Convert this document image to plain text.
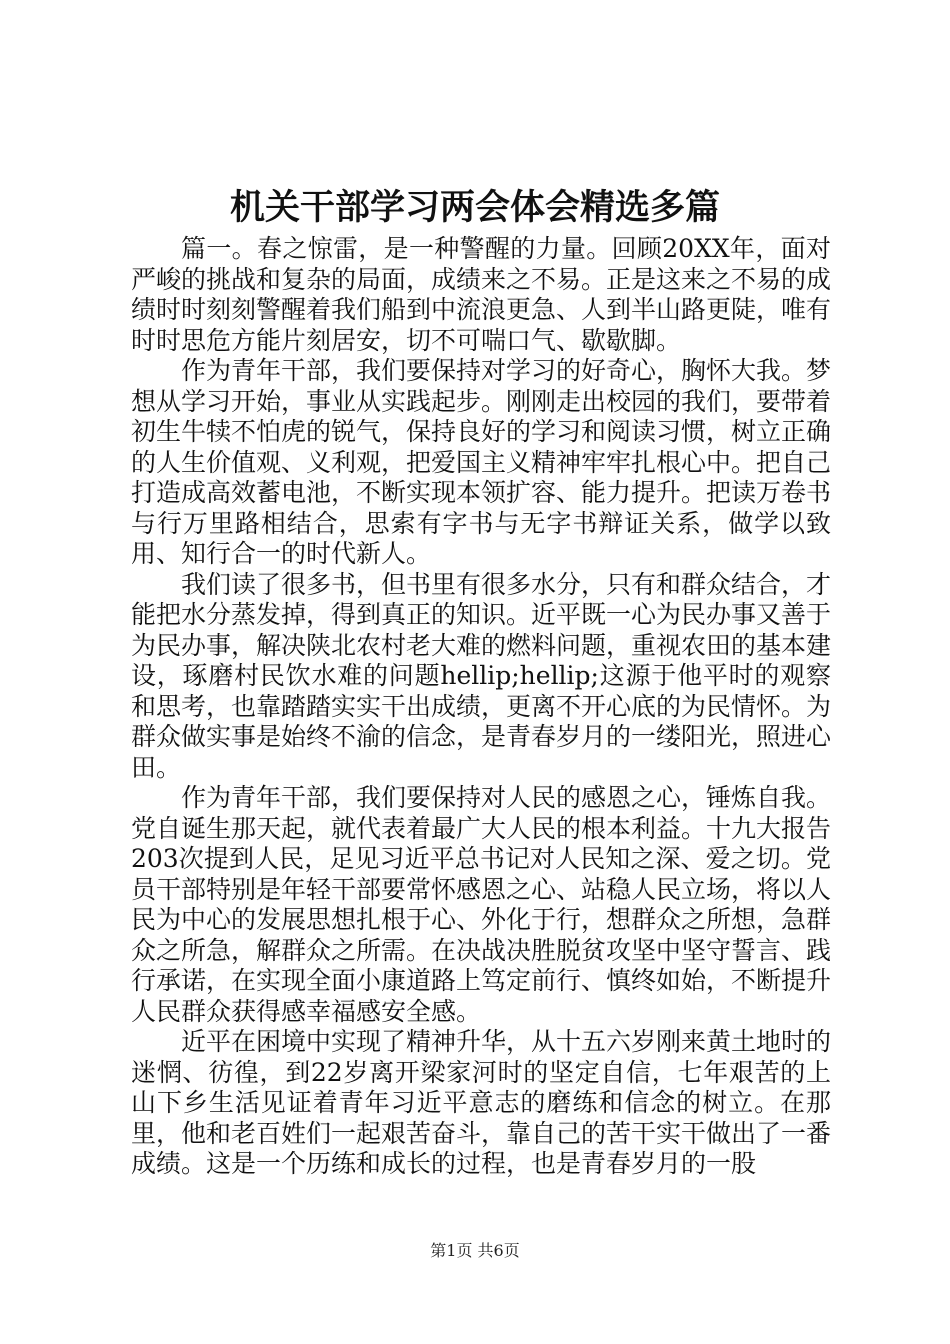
机关干部学习两会体会精选多篇

篇一。春之惊雷，是一种警醒的力量。回顾20XX年，面对严峻的挑战和复杂的局面，成绩来之不易。正是这来之不易的成绩时时刻刻警醒着我们船到中流浪更急、人到半山路更陡，唯有时时思危方能片刻居安，切不可喘口气、歇歇脚。

作为青年干部，我们要保持对学习的好奇心，胸怀大我。梦想从学习开始，事业从实践起步。刚刚走出校园的我们，要带着初生牛犊不怕虎的锐气，保持良好的学习和阅读习惯，树立正确的人生价值观、义利观，把爱国主义精神牢牢扎根心中。把自己打造成高效蓄电池，不断实现本领扩容、能力提升。把读万卷书与行万里路相结合，思索有字书与无字书辩证关系，做学以致用、知行合一的时代新人。

我们读了很多书，但书里有很多水分，只有和群众结合，才能把水分蒸发掉，得到真正的知识。近平既一心为民办事又善于为民办事，解决陕北农村老大难的燃料问题，重视农田的基本建设，琢磨村民饮水难的问题hellip;hellip;这源于他平时的观察和思考，也靠踏踏实实干出成绩，更离不开心底的为民情怀。为群众做实事是始终不渝的信念，是青春岁月的一缕阳光，照进心田。

作为青年干部，我们要保持对人民的感恩之心，锤炼自我。党自诞生那天起，就代表着最广大人民的根本利益。十九大报告203次提到人民，足见习近平总书记对人民知之深、爱之切。党员干部特别是年轻干部要常怀感恩之心、站稳人民立场，将以人民为中心的发展思想扎根于心、外化于行，想群众之所想，急群众之所急，解群众之所需。在决战决胜脱贫攻坚中坚守誓言、践行承诺，在实现全面小康道路上笃定前行、慎终如始，不断提升人民群众获得感幸福感安全感。

近平在困境中实现了精神升华，从十五六岁刚来黄土地时的迷惘、彷徨，到22岁离开梁家河时的坚定自信，七年艰苦的上山下乡生活见证着青年习近平意志的磨练和信念的树立。在那里，他和老百姓们一起艰苦奋斗，靠自己的苦干实干做出了一番成绩。这是一个历练和成长的过程，也是青春岁月的一股

第1页 共6页
